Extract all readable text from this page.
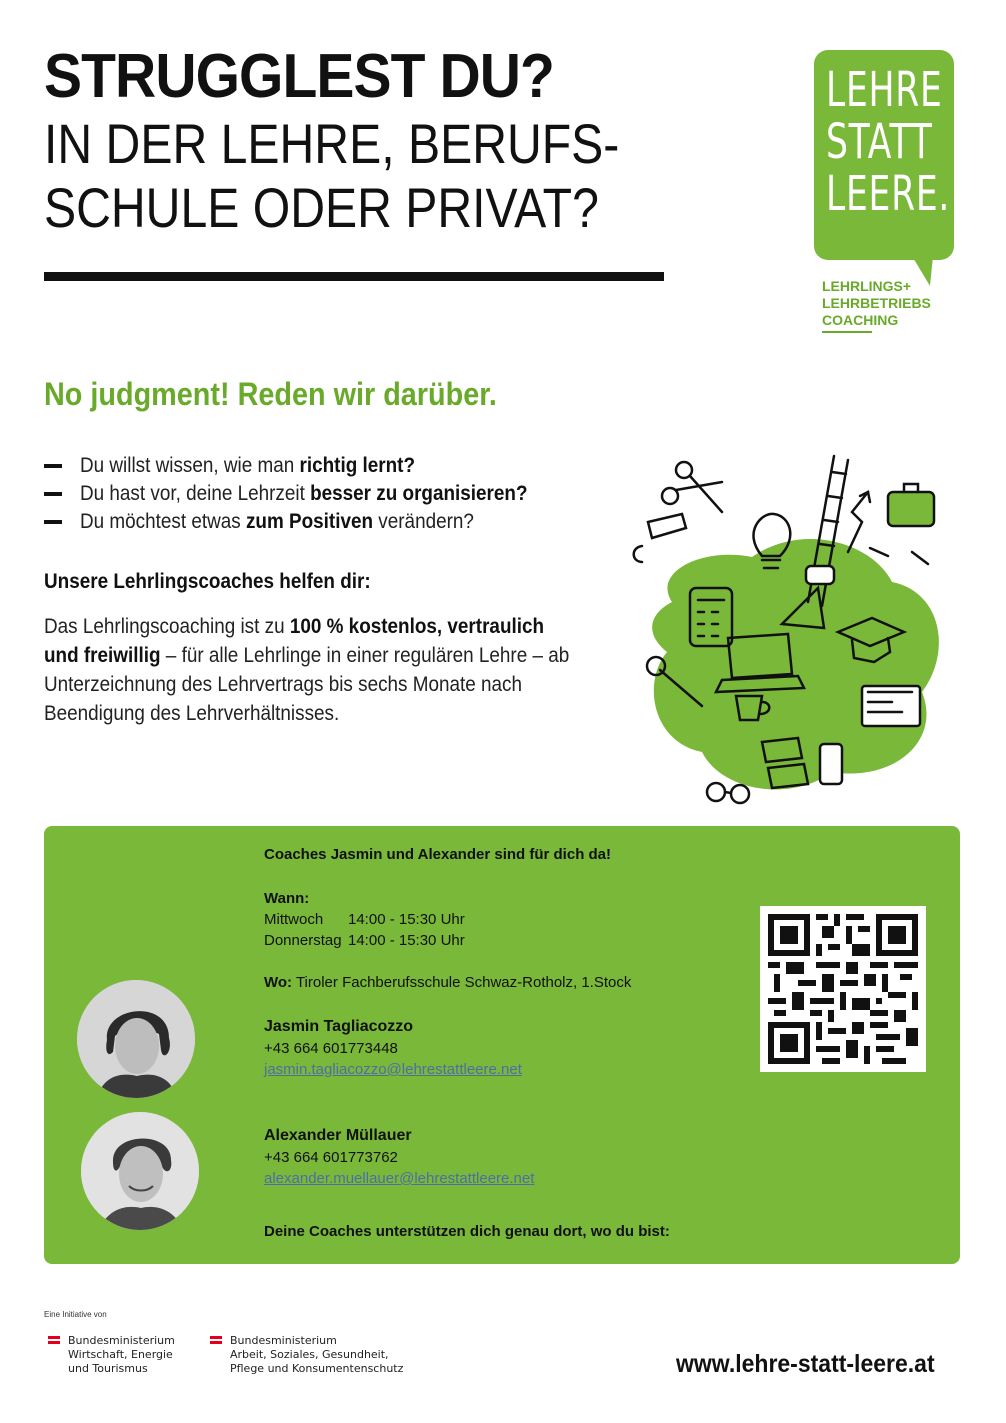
STRUGGLEST DU?
IN DER LEHRE, BERUFS-
SCHULE ODER PRIVAT?
LEHRE
STATT
LEERE.
LEHRLINGS+
LEHRBETRIEBS
COACHING
No judgment! Reden wir darüber.
Du willst wissen, wie man richtig lernt?
Du hast vor, deine Lehrzeit besser zu organisieren?
Du möchtest etwas zum Positiven verändern?
Unsere Lehrlingscoaches helfen dir:
Das Lehrlingscoaching ist zu 100 % kostenlos, vertraulich und freiwillig – für alle Lehrlinge in einer regulären Lehre – ab Unterzeichnung des Lehrvertrags bis sechs Monate nach Beendigung des Lehrverhältnisses.
Coaches Jasmin und Alexander sind für dich da!
Wann:
Mittwoch 14:00 - 15:30 Uhr
Donnerstag 14:00 - 15:30 Uhr
Wo: Tiroler Fachberufsschule Schwaz-Rotholz, 1.Stock
Jasmin Tagliacozzo
+43 664 601773448
jasmin.tagliacozzo@lehrestattleere.net
Alexander Müllauer
+43 664 601773762
alexander.muellauer@lehrestattleere.net
Deine Coaches unterstützen dich genau dort, wo du bist:
Eine Initiative von
Bundesministerium
Wirtschaft, Energie
und Tourismus
Bundesministerium
Arbeit, Soziales, Gesundheit,
Pflege und Konsumentenschutz	www.lehre-statt-leere.at
